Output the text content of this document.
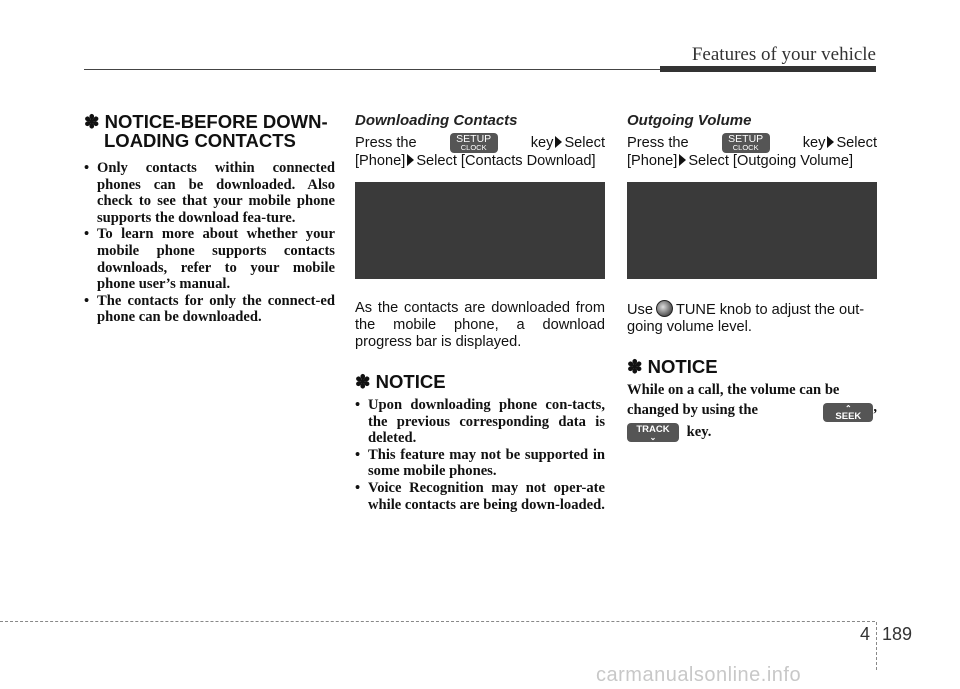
Features of your vehicle
✽ NOTICE-BEFORE DOWN-
LOADING CONTACTS
• Only contacts within connected phones can be downloaded. Also check to see that your mobile phone supports the download fea-ture.
• To learn more about whether your mobile phone supports contacts downloads, refer to your mobile phone user’s manual.
• The contacts for only the connect-ed phone can be downloaded.
Downloading Contacts
Press the	SETUP
CLOCK	key Select
[Phone] Select [Contacts Download]

As the contacts are downloaded from the mobile phone, a download progress bar is displayed.

✽ NOTICE
• Upon downloading phone con-tacts, the previous corresponding data is deleted.
• This feature may not be supported in some mobile phones.
• Voice Recognition may not oper-ate while contacts are being down-loaded.
Outgoing Volume
Press the	SETUP
CLOCK	key Select
[Phone] Select [Outgoing Volume]

Use TUNE knob to adjust the out-going volume level.

✽ NOTICE
While on a call, the volume can be
changed by using the	⌃
SEEK
,
TRACK
⌄ key.
4 189
carmanualsonline.info
